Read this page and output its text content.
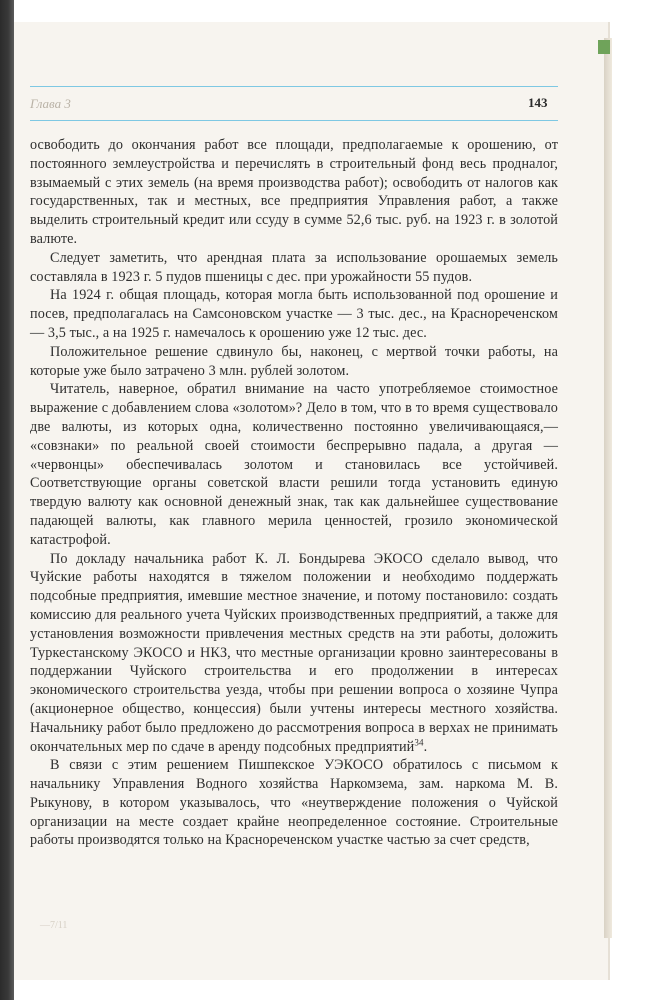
Глава 3	143

освободить до окончания работ все площади, предполагаемые к орошению, от постоянного землеустройства и перечислять в строительный фонд весь продналог, взымаемый с этих земель (на время производства работ); освободить от налогов как государственных, так и местных, все предприятия Управления работ, а также выделить строительный кредит или ссуду в сумме 52,6 тыс. руб. на 1923 г. в золотой валюте.

Следует заметить, что арендная плата за использование орошаемых земель составляла в 1923 г. 5 пудов пшеницы с дес. при урожайности 55 пудов.

На 1924 г. общая площадь, которая могла быть использованной под орошение и посев, предполагалась на Самсоновском участке — 3 тыс. дес., на Краснореченском — 3,5 тыс., а на 1925 г. намечалось к орошению уже 12 тыс. дес.

Положительное решение сдвинуло бы, наконец, с мертвой точки работы, на которые уже было затрачено 3 млн. рублей золотом.

Читатель, наверное, обратил внимание на часто употребляемое стоимостное выражение с добавлением слова «золотом»? Дело в том, что в то время существовало две валюты, из которых одна, количественно постоянно увеличивающаяся,— «совзнаки» по реальной своей стоимости беспрерывно падала, а другая — «червонцы» обеспечивалась золотом и становилась все устойчивей. Соответствующие органы советской власти решили тогда установить единую твердую валюту как основной денежный знак, так как дальнейшее существование падающей валюты, как главного мерила ценностей, грозило экономической катастрофой.

По докладу начальника работ К. Л. Бондырева ЭКОСО сделало вывод, что Чуйские работы находятся в тяжелом положении и необходимо поддержать подсобные предприятия, имевшие местное значение, и потому постановило: создать комиссию для реального учета Чуйских производственных предприятий, а также для установления возможности привлечения местных средств на эти работы, доложить Туркестанскому ЭКОСО и НКЗ, что местные организации кровно заинтересованы в поддержании Чуйского строительства и его продолжении в интересах экономического строительства уезда, чтобы при решении вопроса о хозяине Чупра (акционерное общество, концессия) были учтены интересы местного хозяйства. Начальнику работ было предложено до рассмотрения вопроса в верхах не принимать окончательных мер по сдаче в аренду подсобных предприятий$^{34}$.

В связи с этим решением Пишпекское УЭКОСО обратилось с письмом к начальнику Управления Водного хозяйства Наркомзема, зам. наркома М. В. Рыкунову, в котором указывалось, что «неутверждение положения о Чуйской организации на месте создает крайне неопределенное состояние. Строительные работы производятся только на Краснореченском участке частью за счет средств,

—7/11
